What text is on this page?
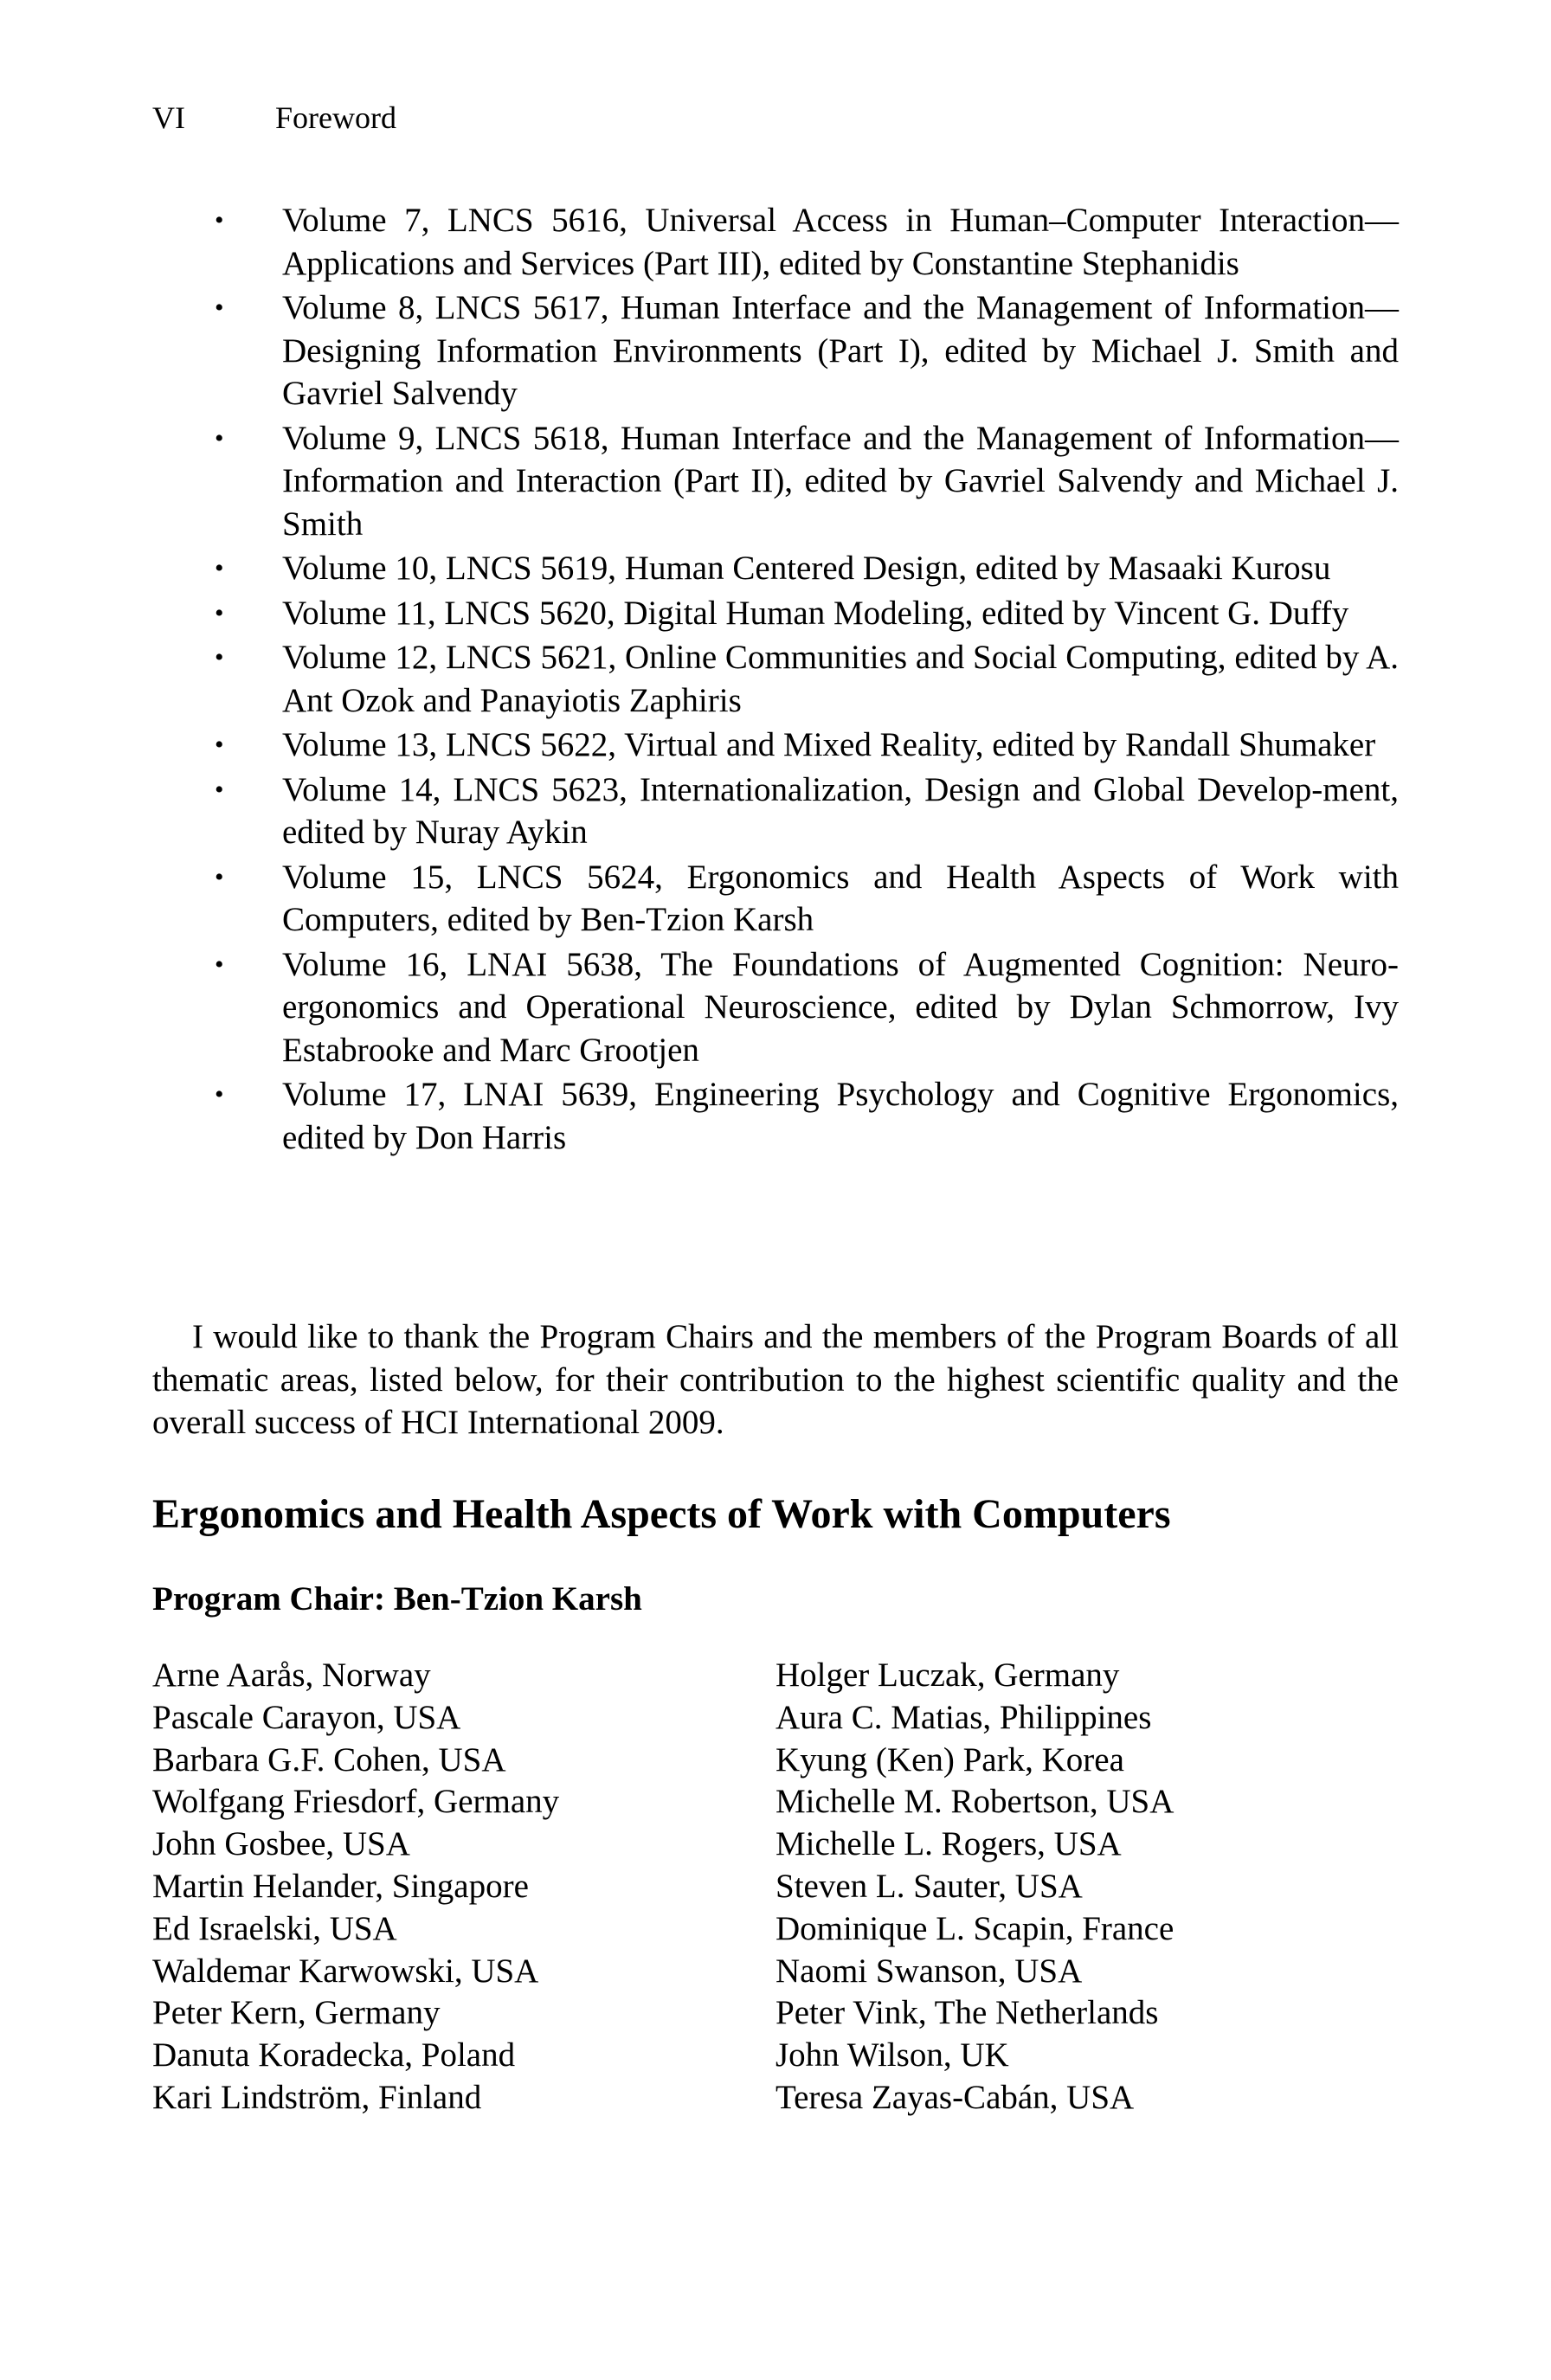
VI	Foreword
• Volume 7, LNCS 5616, Universal Access in Human–Computer Interaction—Applications and Services (Part III), edited by Constantine Stephanidis
• Volume 8, LNCS 5617, Human Interface and the Management of Information—Designing Information Environments (Part I), edited by Michael J. Smith and Gavriel Salvendy
• Volume 9, LNCS 5618, Human Interface and the Management of Information—Information and Interaction (Part II), edited by Gavriel Salvendy and Michael J. Smith
• Volume 10, LNCS 5619, Human Centered Design, edited by Masaaki Kurosu
• Volume 11, LNCS 5620, Digital Human Modeling, edited by Vincent G. Duffy
• Volume 12, LNCS 5621, Online Communities and Social Computing, edited by A. Ant Ozok and Panayiotis Zaphiris
• Volume 13, LNCS 5622, Virtual and Mixed Reality, edited by Randall Shumaker
• Volume 14, LNCS 5623, Internationalization, Design and Global Develop-ment, edited by Nuray Aykin
• Volume 15, LNCS 5624, Ergonomics and Health Aspects of Work with Computers, edited by Ben-Tzion Karsh
• Volume 16, LNAI 5638, The Foundations of Augmented Cognition: Neuro-ergonomics and Operational Neuroscience, edited by Dylan Schmorrow, Ivy Estabrooke and Marc Grootjen
• Volume 17, LNAI 5639, Engineering Psychology and Cognitive Ergonomics, edited by Don Harris

I would like to thank the Program Chairs and the members of the Program Boards of all thematic areas, listed below, for their contribution to the highest scientific quality and the overall success of HCI International 2009.

Ergonomics and Health Aspects of Work with Computers

Program Chair: Ben-Tzion Karsh

Arne Aarås, Norway
Pascale Carayon, USA
Barbara G.F. Cohen, USA
Wolfgang Friesdorf, Germany
John Gosbee, USA
Martin Helander, Singapore
Ed Israelski, USA
Waldemar Karwowski, USA
Peter Kern, Germany
Danuta Koradecka, Poland
Kari Lindström, Finland
Holger Luczak, Germany
Aura C. Matias, Philippines
Kyung (Ken) Park, Korea
Michelle M. Robertson, USA
Michelle L. Rogers, USA
Steven L. Sauter, USA
Dominique L. Scapin, France
Naomi Swanson, USA
Peter Vink, The Netherlands
John Wilson, UK
Teresa Zayas-Cabán, USA
